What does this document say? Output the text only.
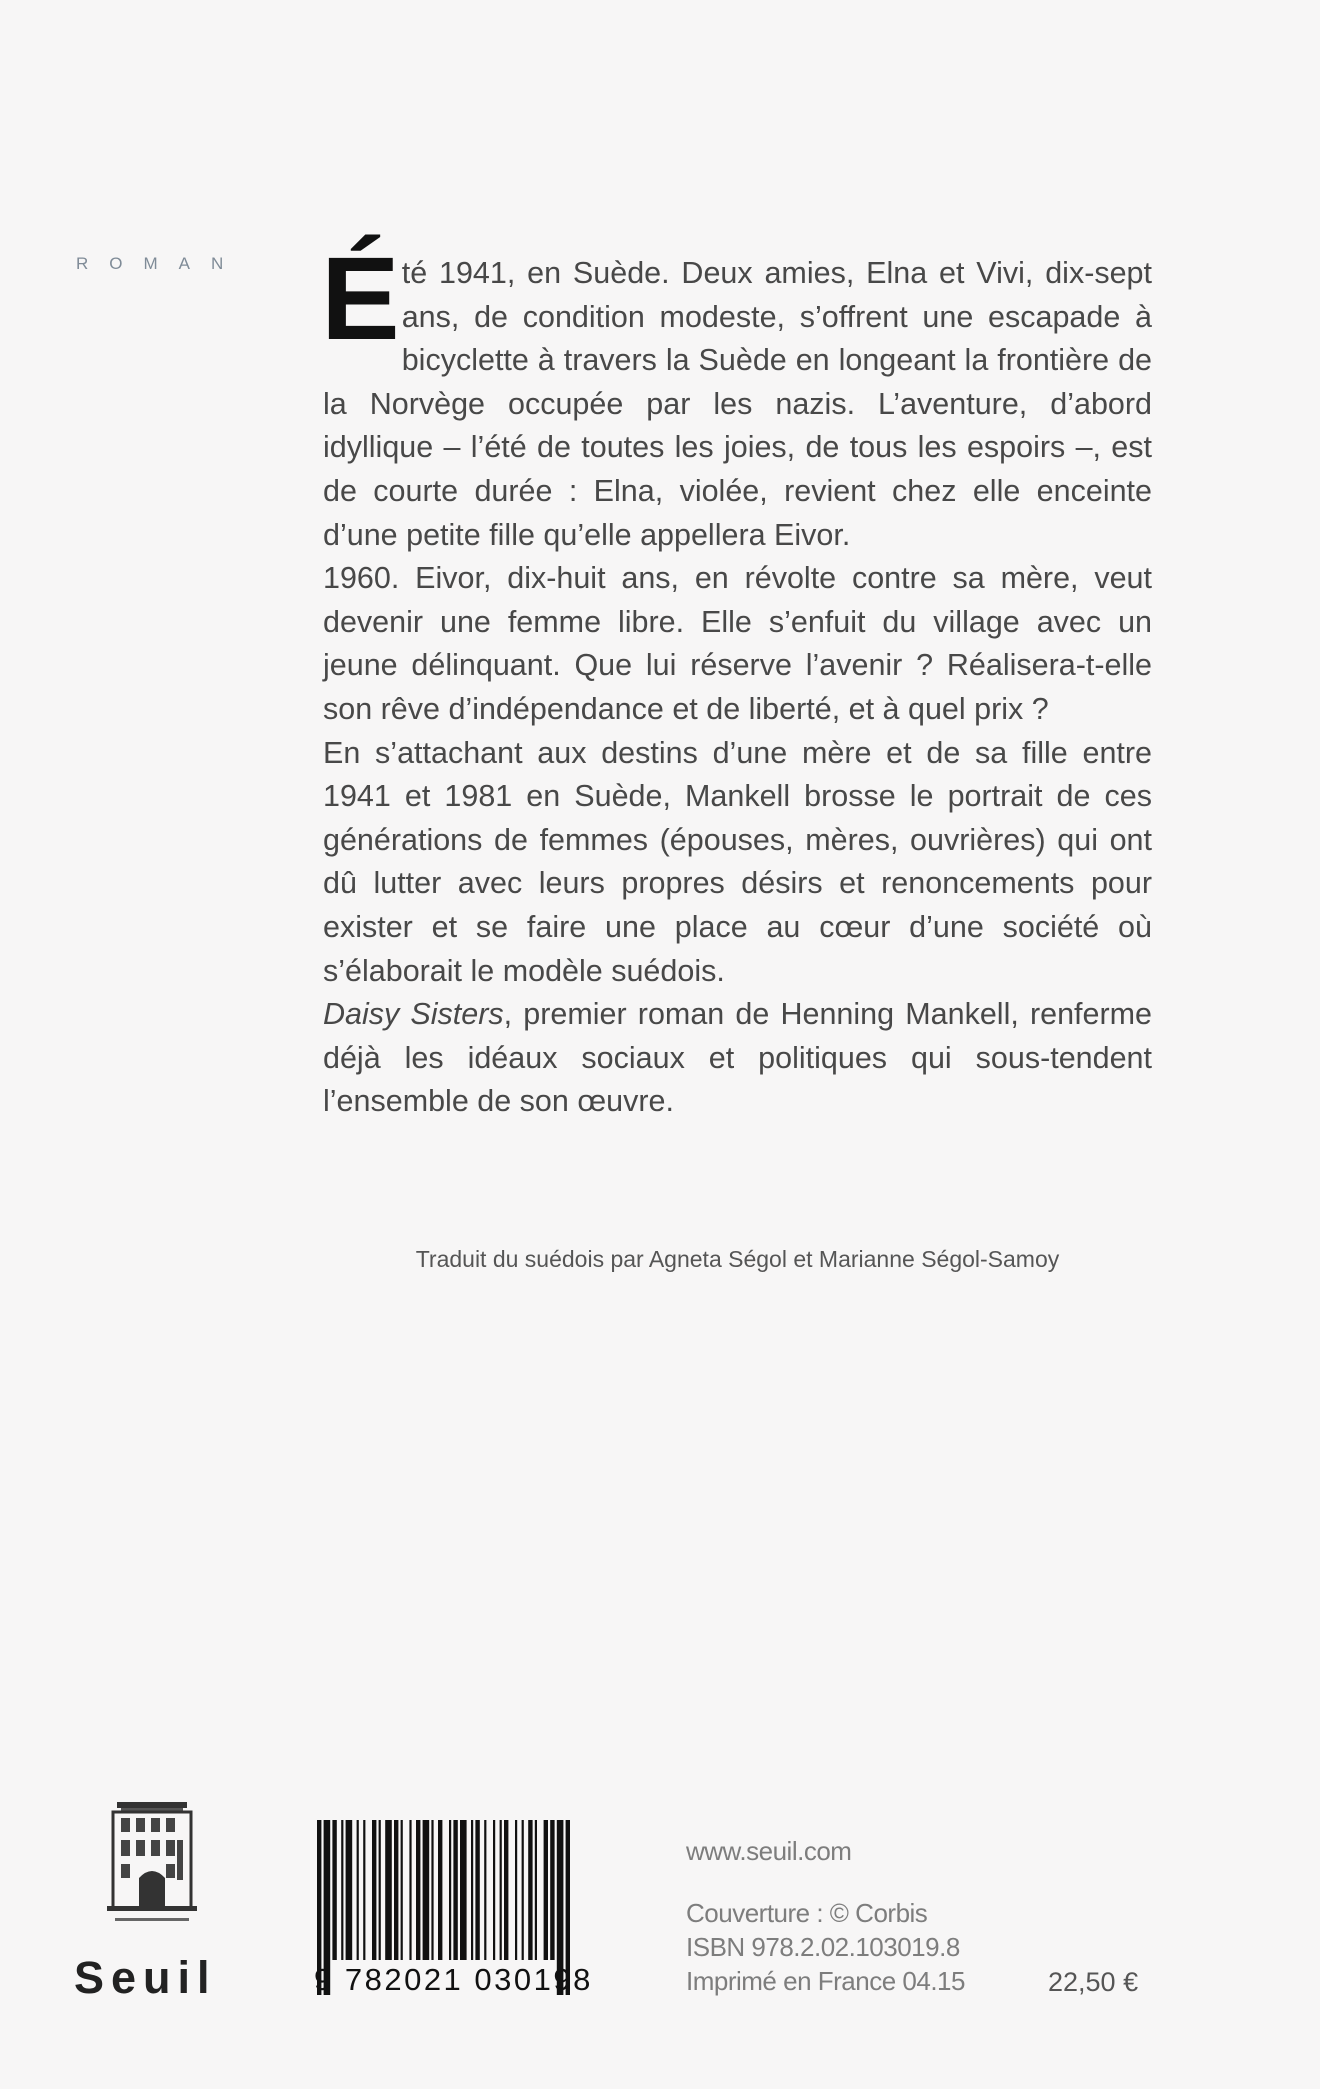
ROMAN Été 1941, en Suède. Deux amies, Elna et Vivi, dix-sept ans, de condition modeste, s’offrent une escapade à bicyclette à travers la Suède en longeant la frontière de la Norvège occupée par les nazis. L’aventure, d’abord idyllique – l’été de toutes les joies, de tous les espoirs –, est de courte durée : Elna, violée, revient chez elle enceinte d’une petite fille qu’elle appellera Eivor.

1960. Eivor, dix-huit ans, en révolte contre sa mère, veut devenir une femme libre. Elle s’enfuit du village avec un jeune délinquant. Que lui réserve l’avenir ? Réalisera-t-elle son rêve d’indépendance et de liberté, et à quel prix ?

En s’attachant aux destins d’une mère et de sa fille entre 1941 et 1981 en Suède, Mankell brosse le portrait de ces générations de femmes (épouses, mères, ouvrières) qui ont dû lutter avec leurs propres désirs et renoncements pour exister et se faire une place au cœur d’une société où s’élaborait le modèle suédois.

Daisy Sisters, premier roman de Henning Mankell, renferme déjà les idéaux sociaux et politiques qui sous-tendent l’ensemble de son œuvre.

Traduit du suédois par Agneta Ségol et Marianne Ségol-Samoy
Seuil	9 782021 030198
www.seuil.com
Couverture : © Corbis
ISBN 978.2.02.103019.8
Imprimé en France 04.15	22,50 €
